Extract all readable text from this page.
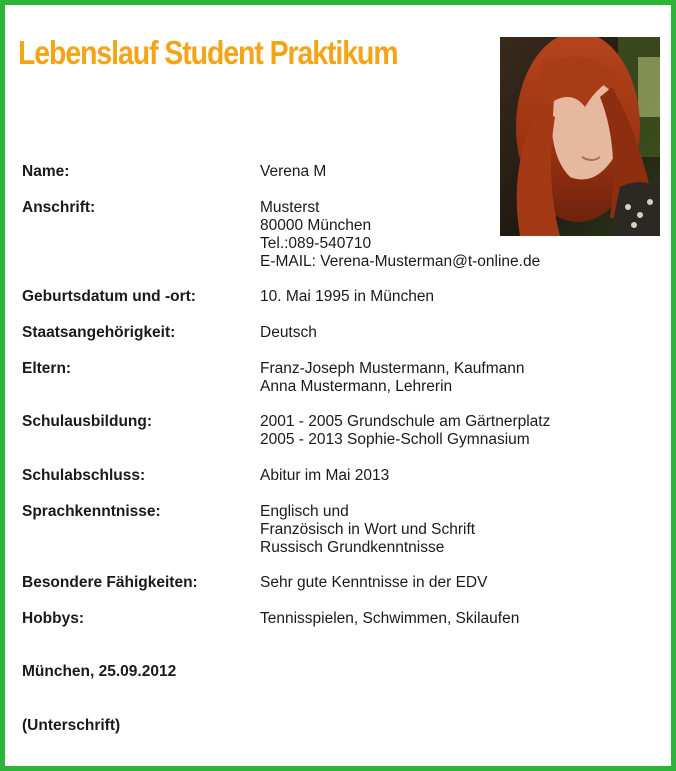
Lebenslauf Student Praktikum
Name:	Verena M
Anschrift:	Musterst
80000 München
Tel.:089-540710
E-MAIL: Verena-Musterman@t-online.de
Geburtsdatum und -ort:	10. Mai 1995 in München
Staatsangehörigkeit:	Deutsch
Eltern:	Franz-Joseph Mustermann, Kaufmann
Anna Mustermann, Lehrerin
Schulausbildung:	2001 - 2005 Grundschule am Gärtnerplatz
2005 - 2013 Sophie-Scholl Gymnasium
Schulabschluss:	Abitur im Mai 2013
Sprachkenntnisse:	Englisch und
Französisch in Wort und Schrift
Russisch Grundkenntnisse
Besondere Fähigkeiten:	Sehr gute Kenntnisse in der EDV
Hobbys:	Tennisspielen, Schwimmen, Skilaufen
München, 25.09.2012
(Unterschrift)
